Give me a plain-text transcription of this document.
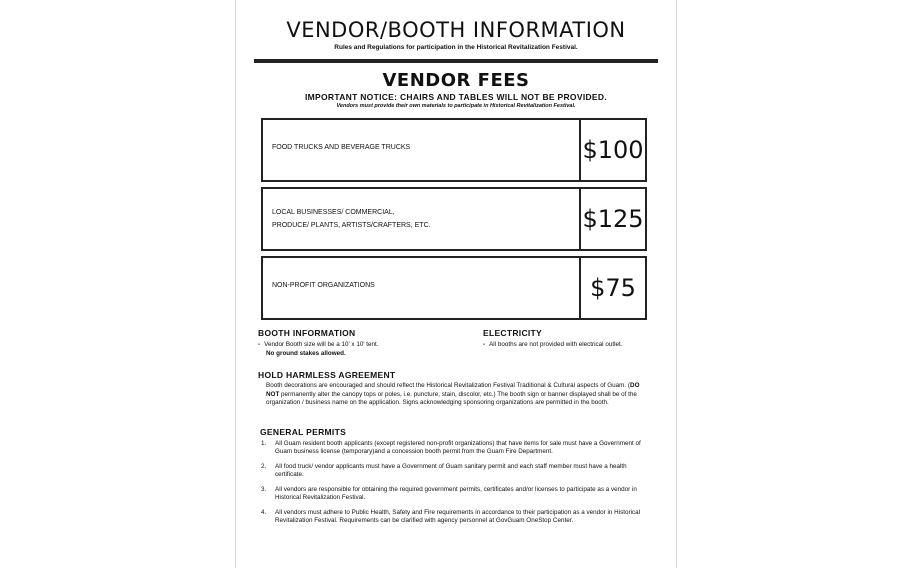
VENDOR/BOOTH INFORMATION
Rules and Regulations for participation in the Historical Revitalization Festival.
VENDOR FEES
IMPORTANT NOTICE: CHAIRS AND TABLES WILL NOT BE PROVIDED.
Vendors must provide their own materials to participate in Historical Revitalization Festival.
FOOD TRUCKS AND BEVERAGE TRUCKS	$100
LOCAL BUSINESSES/ COMMERCIAL,
PRODUCE/ PLANTS, ARTISTS/CRAFTERS, ETC.	$125
NON-PROFIT ORGANIZATIONS	$75
BOOTH INFORMATION
- Vendor Booth size will be a 10' x 10' tent.
No ground stakes allowed.
ELECTRICITY
- All booths are not provided with electrical outlet.
HOLD HARMLESS AGREEMENT
Booth decorations are encouraged and should reflect the Historical Revitalization Festival Traditional & Cultural aspects of Guam. (DO NOT permanently alter the canopy tops or poles, i.e. puncture, stain, discolor, etc.) The booth sign or banner displayed shall be of the organization / business name on the application. Signs acknowledging sponsoring organizations are permitted in the booth.
GENERAL PERMITS
1.	All Guam resident booth applicants (except registered non-profit organizations) that have items for sale must have a Government of Guam business license (temporary)and a concession booth permit from the Guam Fire Department.
2.	All food truck/ vendor applicants must have a Government of Guam sanitary permit and each staff member must have a health certificate.
3.	All vendors are responsible for obtaining the required government permits, certificates and/or licenses to participate as a vendor in Historical Revitalization Festival.
4.	All vendors must adhere to Public Health, Safety and Fire requirements in accordance to their participation as a vendor in Historical Revitalization Festival. Requirements can be clarified with agency personnel at GovGuam OneStop Center.
